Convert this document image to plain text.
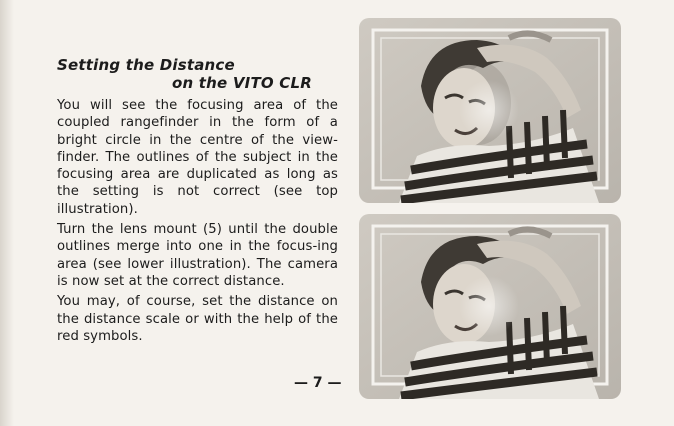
Setting the Distance
on the VITO CLR

You will see the focusing area of the coupled rangefinder in the form of a bright circle in the centre of the view-finder. The outlines of the subject in the focusing area are duplicated as long as the setting is not correct (see top illustration).

Turn the lens mount (5) until the double outlines merge into one in the focus-ing area (see lower illustration). The camera is now set at the correct distance.

You may, of course, set the distance on the distance scale or with the help of the red symbols.

— 7 —
